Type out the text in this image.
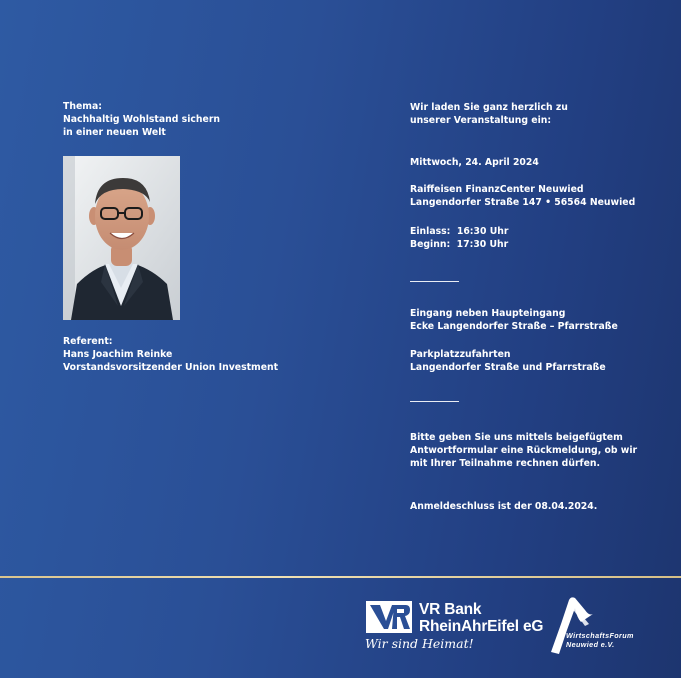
Thema:
Nachhaltig Wohlstand sichern
in einer neuen Welt
Referent:
Hans Joachim Reinke
Vorstandsvorsitzender Union Investment
Wir laden Sie ganz herzlich zu
unserer Veranstaltung ein:
Mittwoch, 24. April 2024
Raiffeisen FinanzCenter Neuwied
Langendorfer Straße 147 • 56564 Neuwied
Einlass:  16:30 Uhr
Beginn:  17:30 Uhr
Eingang neben Haupteingang
Ecke Langendorfer Straße – Pfarrstraße
Parkplatzzufahrten
Langendorfer Straße und Pfarrstraße
Bitte geben Sie uns mittels beigefügtem
Antwortformular eine Rückmeldung, ob wir
mit Ihrer Teilnahme rechnen dürfen.
Anmeldeschluss ist der 08.04.2024.
VR Bank
RheinAhrEifel eG
Wir sind Heimat!
WirtschaftsForum
Neuwied e.V.
